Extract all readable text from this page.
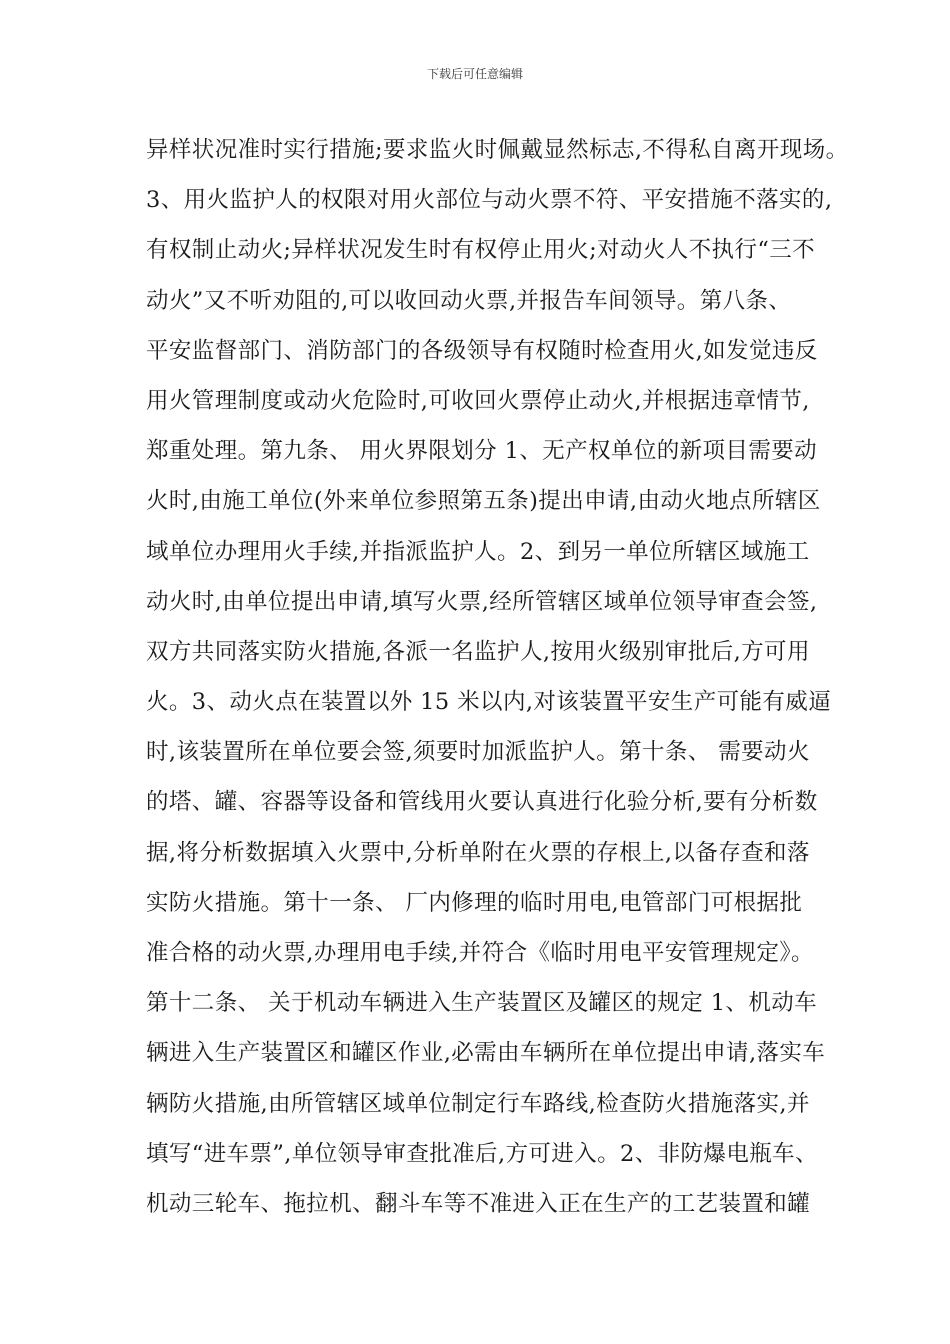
下载后可任意编辑
异样状况准时实行措施;要求监火时佩戴显然标志,不得私自离开现场。
3、用火监护人的权限对用火部位与动火票不符、平安措施不落实的,
有权制止动火;异样状况发生时有权停止用火;对动火人不执行“三不
动火”又不听劝阻的,可以收回动火票,并报告车间领导。第八条、
平安监督部门、消防部门的各级领导有权随时检查用火,如发觉违反
用火管理制度或动火危险时,可收回火票停止动火,并根据违章情节,
郑重处理。第九条、 用火界限划分 1、无产权单位的新项目需要动
火时,由施工单位(外来单位参照第五条)提出申请,由动火地点所辖区
域单位办理用火手续,并指派监护人。2、到另一单位所辖区域施工
动火时,由单位提出申请,填写火票,经所管辖区域单位领导审查会签,
双方共同落实防火措施,各派一名监护人,按用火级别审批后,方可用
火。3、动火点在装置以外 15 米以内,对该装置平安生产可能有威逼
时,该装置所在单位要会签,须要时加派监护人。第十条、 需要动火
的塔、罐、容器等设备和管线用火要认真进行化验分析,要有分析数
据,将分析数据填入火票中,分析单附在火票的存根上,以备存查和落
实防火措施。第十一条、 厂内修理的临时用电,电管部门可根据批
准合格的动火票,办理用电手续,并符合《临时用电平安管理规定》。
第十二条、 关于机动车辆进入生产装置区及罐区的规定 1、机动车
辆进入生产装置区和罐区作业,必需由车辆所在单位提出申请,落实车
辆防火措施,由所管辖区域单位制定行车路线,检查防火措施落实,并
填写“进车票”,单位领导审查批准后,方可进入。2、非防爆电瓶车、
机动三轮车、拖拉机、翻斗车等不准进入正在生产的工艺装置和罐
